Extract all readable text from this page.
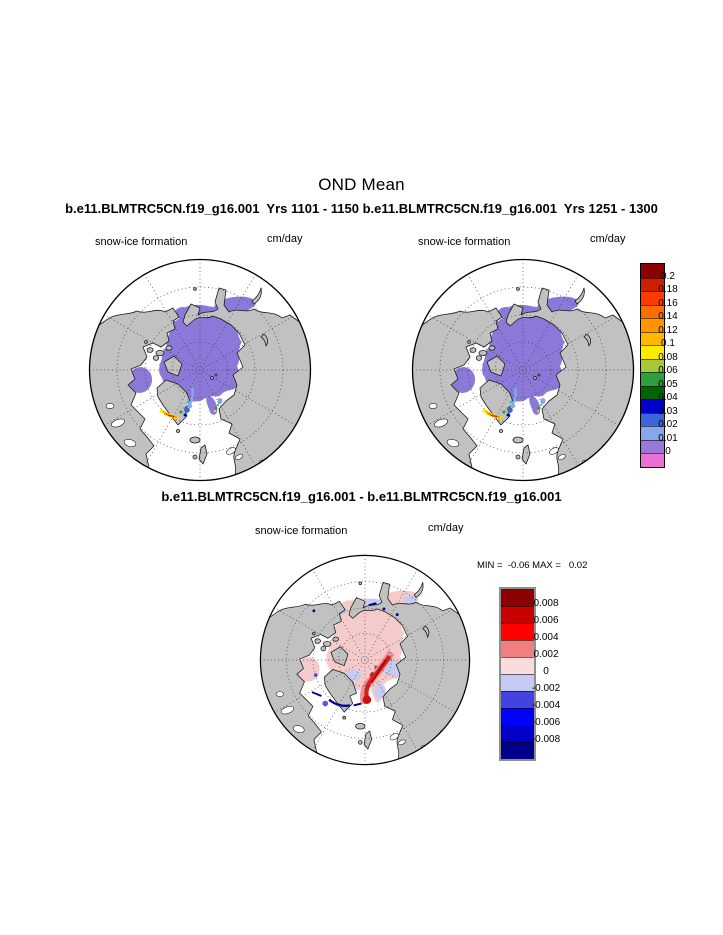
OND Mean
b.e11.BLMTRC5CN.f19_g16.001  Yrs 1101 - 1150 b.e11.BLMTRC5CN.f19_g16.001  Yrs 1251 - 1300
snow-ice formation	cm/day	snow-ice formation	cm/day
0.2
0.18
0.16
0.14
0.12
0.1
0.08
0.06
0.05
0.04
0.03
0.02
0.01
0
b.e11.BLMTRC5CN.f19_g16.001 - b.e11.BLMTRC5CN.f19_g16.001
snow-ice formation	cm/day
MIN =  -0.06 MAX =   0.02
0.008
0.006
0.004
0.002
0
-0.002
-0.004
-0.006
-0.008
